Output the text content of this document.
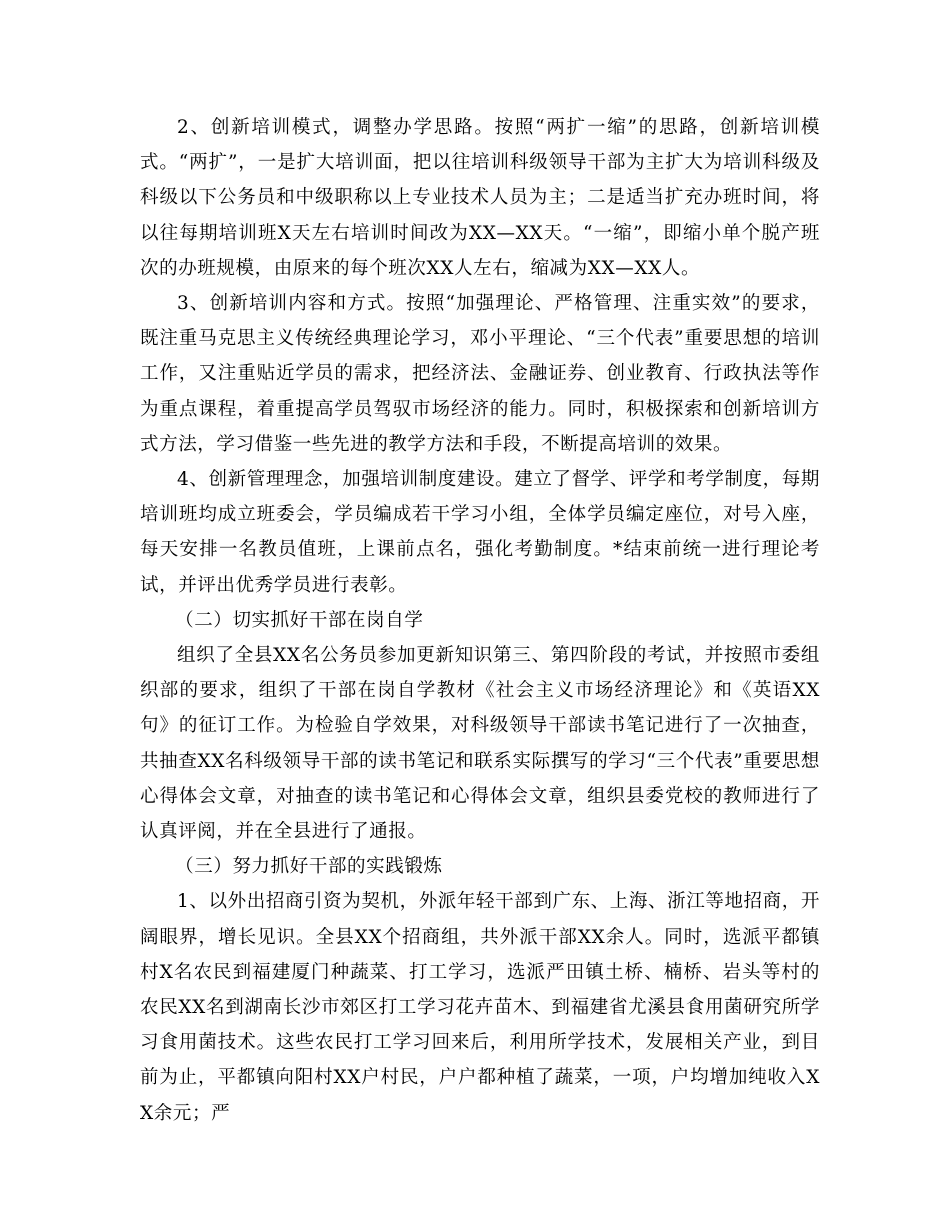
2、创新培训模式，调整办学思路。按照“两扩一缩”的思路，创新培训模式。“两扩”，一是扩大培训面，把以往培训科级领导干部为主扩大为培训科级及科级以下公务员和中级职称以上专业技术人员为主；二是适当扩充办班时间，将以往每期培训班X天左右培训时间改为XX—XX天。“一缩”，即缩小单个脱产班次的办班规模，由原来的每个班次XX人左右，缩减为XX—XX人。

3、创新培训内容和方式。按照“加强理论、严格管理、注重实效”的要求，既注重马克思主义传统经典理论学习，邓小平理论、“三个代表”重要思想的培训工作，又注重贴近学员的需求，把经济法、金融证券、创业教育、行政执法等作为重点课程，着重提高学员驾驭市场经济的能力。同时，积极探索和创新培训方式方法，学习借鉴一些先进的教学方法和手段，不断提高培训的效果。

4、创新管理理念，加强培训制度建设。建立了督学、评学和考学制度，每期培训班均成立班委会，学员编成若干学习小组，全体学员编定座位，对号入座，每天安排一名教员值班，上课前点名，强化考勤制度。*结束前统一进行理论考试，并评出优秀学员进行表彰。

（二）切实抓好干部在岗自学

组织了全县XX名公务员参加更新知识第三、第四阶段的考试，并按照市委组织部的要求，组织了干部在岗自学教材《社会主义市场经济理论》和《英语XX句》的征订工作。为检验自学效果，对科级领导干部读书笔记进行了一次抽查，共抽查XX名科级领导干部的读书笔记和联系实际撰写的学习“三个代表”重要思想心得体会文章，对抽查的读书笔记和心得体会文章，组织县委党校的教师进行了认真评阅，并在全县进行了通报。

（三）努力抓好干部的实践锻炼

1、以外出招商引资为契机，外派年轻干部到广东、上海、浙江等地招商，开阔眼界，增长见识。全县XX个招商组，共外派干部XX余人。同时，选派平都镇村X名农民到福建厦门种蔬菜、打工学习，选派严田镇土桥、楠桥、岩头等村的农民XX名到湖南长沙市郊区打工学习花卉苗木、到福建省尤溪县食用菌研究所学习食用菌技术。这些农民打工学习回来后，利用所学技术，发展相关产业，到目前为止，平都镇向阳村XX户村民，户户都种植了蔬菜，一项，户均增加纯收入XX余元；严
